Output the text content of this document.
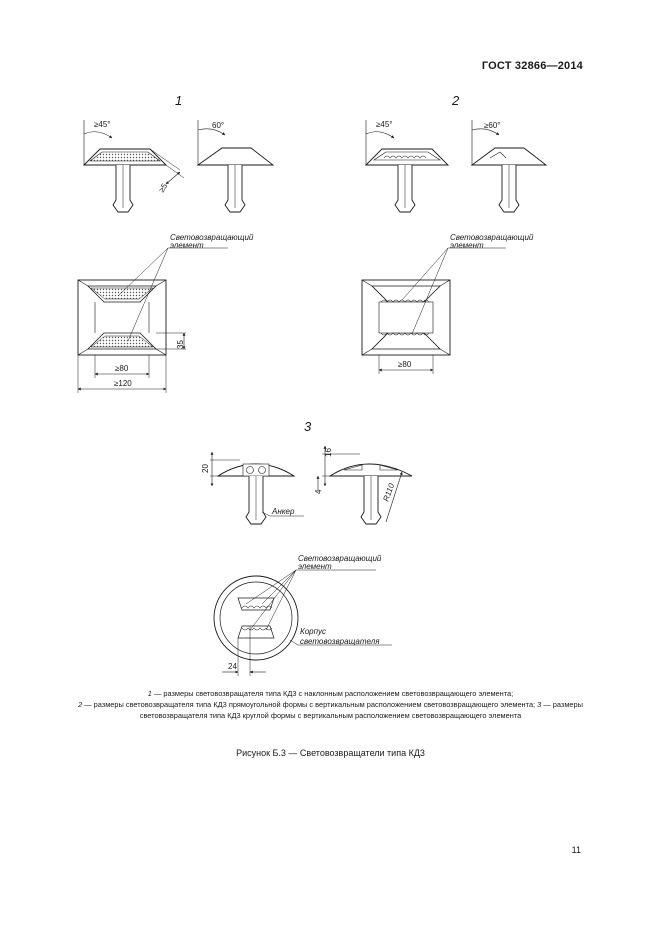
ГОСТ 32866—2014
1
≥45°
≥5
60°
35
≥80
≥120
Световозвращающий
элемент
2
≥45°	≥60°
≥80
Световозвращающий
элемент
3
20
Анкер
16
4	R110
24
Световозвращающий
элемент
Корпус
световозвращателя
1 — размеры световозвращателя типа КД3 с наклонным расположением световозвращающего элемента;
2 — размеры световозвращателя типа КД3 прямоугольной формы с вертикальным расположением световозвращающего элемента; 3 — размеры световозвращателя типа КД3 круглой формы с вертикальным расположением световозвращающего элемента
Рисунок Б.3 — Световозвращатели типа КД3
11
